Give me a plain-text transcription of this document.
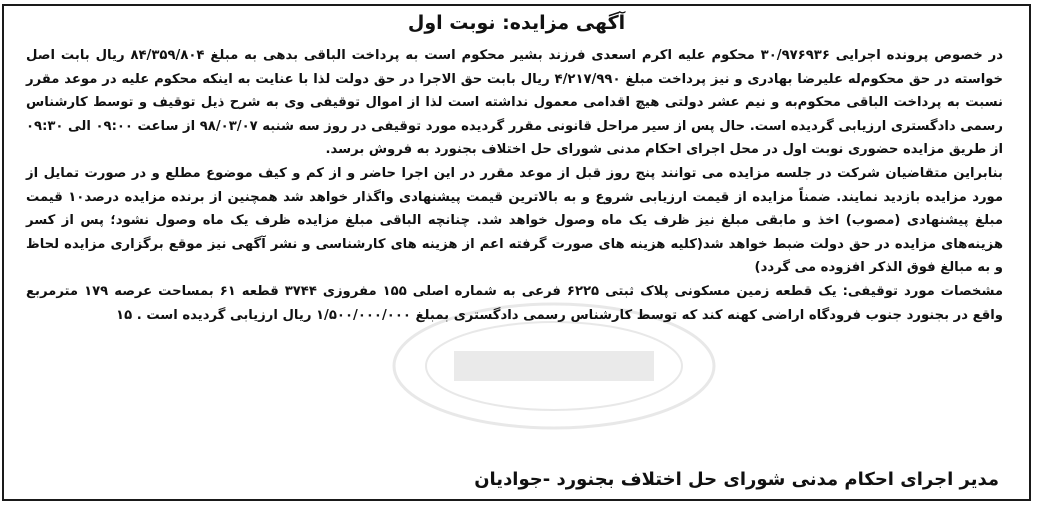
آگهی مزایده: نوبت اول

در خصوص پرونده اجرایی ۳۰/۹۷۶۹۳۶ محکوم علیه اکرم اسعدی فرزند بشیر محکوم است به پرداخت الباقی بدهی به مبلغ ۸۴/۳۵۹/۸۰۴ ریال بابت اصل خواسته در حق محکوم‌له علیرضا بهادری و نیز پرداخت مبلغ ۴/۲۱۷/۹۹۰ ریال بابت حق الاجرا در حق دولت لذا با عنایت به اینکه محکوم علیه در موعد مقرر نسبت به پرداخت الباقی محکوم‌به و نیم عشر دولتی هیچ اقدامی معمول نداشته است لذا از اموال توقیفی وی به شرح ذیل توقیف و توسط کارشناس رسمی دادگستری ارزیابی گردیده است. حال پس از سیر مراحل قانونی مقرر گردیده مورد توقیفی در روز سه شنبه ۹۸/۰۳/۰۷ از ساعت ۰۹:۰۰ الی ۰۹:۳۰ از طریق مزایده حضوری نوبت اول در محل اجرای احکام مدنی شورای حل اختلاف بجنورد به فروش برسد.

بنابراین متقاضیان شرکت در جلسه مزایده می توانند پنج روز قبل از موعد مقرر در این اجرا حاضر و از کم و کیف موضوع مطلع و در صورت تمایل از مورد مزایده بازدید نمایند. ضمناً مزایده از قیمت ارزیابی شروع و به بالاترین قیمت پیشنهادی واگذار خواهد شد همچنین از برنده مزایده درصد۱۰ قیمت مبلغ پیشنهادی (مصوب) اخذ و مابقی مبلغ نیز ظرف یک ماه وصول خواهد شد. چنانچه الباقی مبلغ مزایده ظرف یک ماه وصول نشود؛ پس از کسر هزینه‌های مزایده در حق دولت ضبط خواهد شد(کلیه هزینه های صورت گرفته اعم از هزینه های کارشناسی و نشر آگهی نیز موقع برگزاری مزایده لحاظ و به مبالغ فوق الذکر افزوده می گردد)

مشخصات مورد توقیفی: یک قطعه زمین مسکونی پلاک ثبتی ۶۲۲۵ فرعی به شماره اصلی ۱۵۵ مفروزی ۳۷۴۴ قطعه ۶۱ بمساحت عرصه ۱۷۹ مترمربع واقع در بجنورد جنوب فرودگاه اراضی کهنه کند که توسط کارشناس رسمی دادگستری بمبلغ ۱/۵۰۰/۰۰۰/۰۰۰ ریال ارزیابی گردیده است . ۱۵

مدیر اجرای احکام مدنی شورای حل اختلاف بجنورد -جوادیان
